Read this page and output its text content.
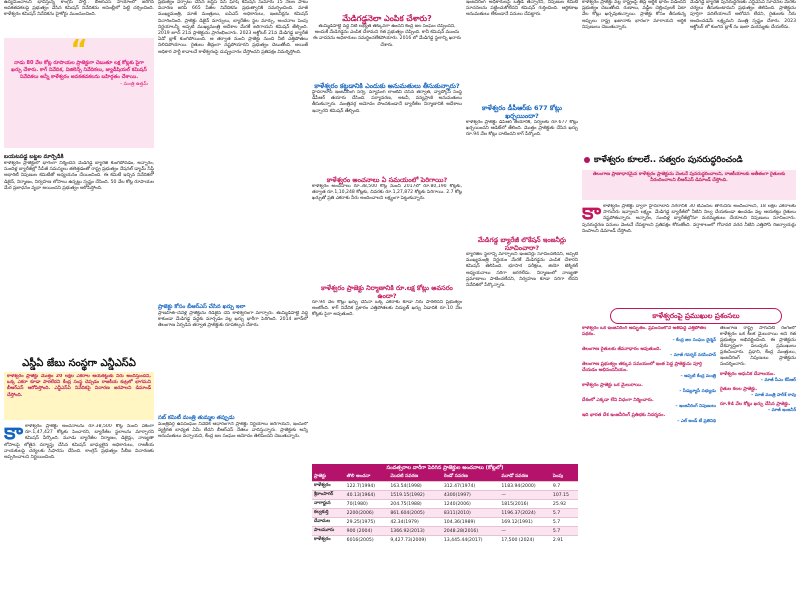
ఉద్యమించాలని భావిస్తున్న కాంగ్రెస్ పార్టీ.. బీఆర్ఎస్ హయాంలో జరిగిన అవకతవకలపై ప్రభుత్వం వేసిన కమిషన్ నివేదికను అసెంబ్లీలో పెట్టి చర్చించింది. కాళేశ్వరం కమిషన్ నివేదికను హైకోర్టు ముందుంచింది.
“
నాడు 80 వేల కోట్ల రూపాయల ప్రాజెక్టుగా చెబుతూ లక్ష కోట్లకు పైగా ఖర్చు చేశారు. కాగ్ నివేదిక, విజిలెన్స్ నివేదికలు, జ్యుడీషియల్ కమిషన్ నివేదికలు అన్నీ కాళేశ్వరం అవకతవకలను బహిర్గతం చేశాయి.
– మంత్రి ఉత్తమ్
బయటపడ్డ బట్టల మార్పిడికి
కాళేశ్వరం ప్రాజెక్టులో భాగంగా నిర్మించిన మేడిగడ్డ బ్యారేజీ కుంగిపోవడం, అన్నారం, సుందిళ్ల బ్యారేజీల్లో సీపేజీ సమస్యలు తలెత్తడంతో రాష్ట్ర ప్రభుత్వం నేషనల్ డ్యామ్ సేఫ్టీ అథారిటీ నిపుణుల కమిటీతో అధ్యయనం చేయించింది. ఈ కమిటీ ఇచ్చిన నివేదికలో డిజైన్, నిర్మాణం, నిర్వహణ లోపాలు ఉన్నట్టు స్పష్టం చేసింది. 50 వేల కోట్ల రూపాయల మేర ప్రజాధనం వృథా అయిందని ప్రభుత్వం ఆరోపిస్తోంది.
ఎస్డీఏ జేబు సంస్థగా ఎన్డీఎస్ఏ
కాళేశ్వరం ప్రాజెక్టు మొత్తం 20 లక్షల ఎకరాల ఆయకట్టుకు నీరు అందిస్తుందని, ఒక్క ఎకరా కూడా పారలేదని కేంద్ర సంస్థ చెప్పడం రాజకీయ కుట్రలో భాగమని బీఆర్ఎస్ ఆరోపిస్తోంది. ఎన్డీఎస్ఏ నివేదికపై విచారణ జరపాలని డిమాండ్ చేస్తోంది.
కాకాళేశ్వరం ప్రాజెక్టు అంచనాలను రూ.38,500 కోట్ల నుంచి ఏకంగా రూ.1,47,427 కోట్లకు పెంచారని, బ్యారేజీల స్థలాలను మార్చారని కమిషన్ పేర్కొంది. మూడు బ్యారేజీల నిర్మాణం, డిజైన్లు, నాణ్యతా లోపాలపై లోతైన దర్యాప్తు చేసిన కమిషన్ బాధ్యులైన అధికారులు, రాజకీయ నాయకులపై చర్యలకు సిఫారసు చేసింది. కాంగ్రెస్ ప్రభుత్వం సీబీఐ విచారణకు అప్పగించాలని నిర్ణయించింది.
ప్రభుత్వం ఏర్పాటు చేసిన జస్టిస్ పీసీ ఘోష్ కమిషన్ సుమారు 15 నెలల పాటు విచారణ జరిపి 665 పేజీల నివేదికను ప్రభుత్వానికి సమర్పించింది. మాజీ ముఖ్యమంత్రి, మాజీ మంత్రులు, ఐఏఎస్ అధికారులు, ఇంజనీర్లను కమిషన్ విచారించింది. ప్రాజెక్టు డిజైన్ మార్పులు, బ్యారేజీల స్థల మార్పు, అంచనాల పెంపు నిర్ణయాలన్నీ అప్పటి ముఖ్యమంత్రి ఆదేశాల మేరకే జరిగాయని కమిషన్ తేల్చింది. 2019 జూన్ 21న ప్రాజెక్టును ప్రారంభించారు. 2023 అక్టోబర్ 21న మేడిగడ్డ బ్యారేజీ ఏడో బ్లాక్ కుంగిపోయింది. ఆ తర్వాత నుంచి ప్రాజెక్టు నుంచి నీటి ఎత్తిపోతలు నిలిచిపోయాయి. రైతులు తీవ్రంగా నష్టపోయారని ప్రభుత్వం చెబుతోంది. అయితే అధికార పార్టీ కావాలనే కాళేశ్వరంపై దుష్ప్రచారం చేస్తోందని ప్రతిపక్షం విమర్శిస్తోంది.
ప్రాజెక్టు కోసం బీఆర్ఎస్ చేసిన ఖర్చు ఇలా
ప్రాణహిత–చేవెళ్ల ప్రాజెక్టును రీడిజైన్ చేసి కాళేశ్వరంగా మార్చారు. తుమ్మిడిహెట్టి వద్ద కాకుండా మేడిగడ్డ వద్దకు మార్చడం వల్ల ఖర్చు భారీగా పెరిగింది. 2014 జూన్‌లో తెలంగాణ ఏర్పడిన తర్వాత ప్రాజెక్టుకు రూపకల్పన చేశారు.
సబ్ కమిటీ మంత్రి తుమ్మల తప్పుడు
మంత్రివర్గ ఉపసంఘం నివేదిక ఆధారంగానే ప్రాజెక్టు నిర్ణయాలు జరిగాయని, ఇందులో వ్యక్తిగత బాధ్యత ఏమీ లేదని బీఆర్ఎస్ నేతలు వాదిస్తున్నారు. ప్రాజెక్టుకు అన్ని అనుమతులు వచ్చాయని, కేంద్ర జల సంఘం ఆమోదం తెలిపిందని చెబుతున్నారు.
మేడిగడ్డనెలా ఎంపిక చేశారు?
తుమ్మిడిహెట్టి వద్ద నీటి లభ్యత తక్కువగా ఉందని కేంద్ర జల సంఘం చెప్పిందని, అందుకే మేడిగడ్డను ఎంపిక చేశామని గత ప్రభుత్వం చెప్పింది. కానీ కమిషన్ ముందు ఈ వాదనను అధికారులు సమర్థించలేకపోయారు. 2016 లో మేడిగడ్డ స్థలాన్ని ఖరారు చేశారు.
కాళేశ్వరం కట్టడానికి ఎందుకు అనుమతులు తీసుకున్నారు?
హైదరాబాద్ ఇంజనీరింగ్ సర్వే, మ్యాపింగ్ లాంటివి చేసిన తర్వాత, వ్యాప్కోస్ సంస్థ డీపీఆర్ తయారు చేసింది. పర్యావరణ, అటవీ, వన్యప్రాణి అనుమతులు తీసుకున్నారు. మంత్రివర్గ ఆమోదం పొందకుండానే బ్యారేజీల నిర్మాణానికి ఆదేశాలు ఇచ్చారని కమిషన్ తేల్చింది.
కాళేశ్వరం అంచనాలు ఏ సమయంలో పెరిగాయి?
కాళేశ్వరం అంచనాలు రూ.38,500 కోట్ల నుంచి 2017లో రూ.80,190 కోట్లకు, తర్వాత రూ.1,10,248 కోట్లకు, చివరకు రూ.1,27,872 కోట్లకు పెరిగాయి. 2.7 కోట్ల ఖర్చుతో ప్రతి ఎకరాకు నీరు అందించాలని లక్ష్యంగా పెట్టుకున్నారు.
కాళేశ్వరం ప్రాజెక్టు నిర్మాణానికి రూ.లక్ష కోట్లు అవసరం ఉందా?
రూ.94 వేల కోట్లు ఖర్చు చేసినా ఒక్క ఎకరాకు కూడా నీరు పారలేదని ప్రభుత్వం అంటోంది. కాగ్ నివేదిక ప్రకారం ఎత్తిపోతలకు విద్యుత్ ఖర్చు ఏడాదికి రూ.10 వేల కోట్లకు పైగా అవుతుంది.
ఇంజనీరింగ్ అధికారులపై ఒత్తిడి తెచ్చారని, నిపుణుల కమిటీ సూచనలను పట్టించుకోలేదని కమిషన్ గుర్తించింది. ఆర్థికశాఖ అనుమతులు లేకుండానే పనులు చేపట్టారు.
కాళేశ్వరం డీపీఆర్‌కు 677 కోట్లు ఖర్చయిందా?
కాళేశ్వరం ప్రాజెక్టు డీపీఆర్ తయారీకి, సర్వేలకు రూ.677 కోట్లు ఖర్చయిందని ఆడిట్‌లో తేలింది. మొత్తం ప్రాజెక్టుకు చేసిన ఖర్చు రూ.94 వేల కోట్లు దాటిందని కాగ్ పేర్కొంది.
మేడిగడ్డ బ్యారేజీ లొకేషన్ ఇంజనీర్లు సూచించారా?
బ్యారేజీల స్థలాన్ని మార్చాలని ఇంజనీర్లు సూచించలేదని, అప్పటి ముఖ్యమంత్రి నిర్ణయం మేరకే మేడిగడ్డను ఎంపిక చేశారని కమిషన్ తెలిపింది. భూసార పరీక్షలు, జియో టెక్నికల్ అధ్యయనాలు సరిగా జరగలేదు. నిర్మాణంలో నాణ్యతా ప్రమాణాలు పాటించలేదని, నిర్వహణ కూడా సరిగా లేదని నివేదికలో పేర్కొన్నారు.
సంవత్సరాల వారీగా పెరిగిన ప్రాజెక్టుల అంచనాలు (కోట్లలో)
ప్రాజెక్టు	తొలి అంచనా	మొదటి సవరణ	రెండో సవరణ	మూడో సవరణ	పెంపు
కాళేశ్వరం	122.7(1994)	163.54(1998)	312.47(1974)	1183.94(2000)	9.7
శ్రీరాంసాగర్	40.13(1964)	1519.15(1992)	4300(1997)	—	107.15
నాగార్జున	70(1980)	204.75(1988)	1240(2006)	1815(2016)	25.92
కల్వకుర్తి	2200(2006)	861.604(2005)	8311(2010)	1196.37(2024)	5.7
దేవాదుల	29.25(1975)	42.34(1979)	104.36(1989)	169.12(1991)	5.7
పాలమూరు	900 (2004)	1366.92(2013)	2048.28(2016)	—	5.7
కాళేశ్వరం	6016(2005)	9,427.73(2009)	13,445.44(2017)	17,500 (2024)	2.91
కాళేశ్వరం ప్రాజెక్టు వల్ల రాష్ట్రంపై తీవ్ర ఆర్థిక భారం పడిందని ప్రభుత్వం చెబుతోంది. రుణాలు, వడ్డీల చెల్లింపులకే ఏటా వేల కోట్లు ఖర్చవుతున్నాయి. ప్రాజెక్టు కోసం తీసుకున్న అప్పులు రాష్ట్ర ఖజానాకు భారంగా మారాయని ఆర్థిక నిపుణులు చెబుతున్నారు.
మేడిగడ్డ బ్యారేజీ పునరుద్ధరణకు ఎన్డీఎస్ఏ సూచనల మేరకు చర్యలు తీసుకుంటామని ప్రభుత్వం తెలిపింది. ప్రాజెక్టును పూర్తిగా వదిలేయాలనే ఆలోచన లేదని, రైతులకు నీరు అందించడమే లక్ష్యమని మంత్రి స్పష్టం చేశారు. 2023 అక్టోబర్ లో కుంగిన బ్లాక్ ను ఇంకా మరమ్మతు చేయలేదు.
కాళేశ్వరం కూలలే.. సత్వరం పునరుద్ధరించండి
తెలంగాణ ప్రాణాధారమైన కాళేశ్వరం ప్రాజెక్టును వెంటనే పునరుద్ధరించాలని, రాజకీయాలకు అతీతంగా రైతులకు నీరందించాలని బీఆర్ఎస్ డిమాండ్ చేస్తోంది.
కాకాళేశ్వరం ప్రాజెక్టు ద్వారా హైదరాబాద్ నగరానికి 30 టీఎంసీల తాగునీరు అందించాలని, 18 లక్షల ఎకరాలకు సాగునీరు ఇవ్వాలని లక్ష్యం. మేడిగడ్డ బ్యారేజీలో నీటిని నిల్వ చేయకుండా ఉంచడం వల్ల ఆయకట్టు రైతులు నష్టపోతున్నారు. అన్నారం, సుందిళ్ల బ్యారేజీల్లోనూ మరమ్మతులు చేయాలని నిపుణులు సూచించారు. పునరుద్ధరణ పనులు వెంటనే చేపట్టాలని ప్రతిపక్షం కోరుతోంది. వర్షాకాలంలో గోదావరి వరద నీటిని ఎత్తిపోసి రిజర్వాయర్లు నింపాలని డిమాండ్ చేస్తోంది.
కాళేశ్వరంపై ప్రముఖుల ప్రశంసలు
కాళేశ్వరం ఒక ఇంజనీరింగ్ అద్భుతం. ప్రపంచంలోనే అతిపెద్ద ఎత్తిపోతల పథకం.
– కేంద్ర జల సంఘం ఛైర్మన్
తెలంగాణ రైతులకు జీవనాధారం అవుతుంది.
– మాజీ గవర్నర్ నరసింహన్
తెలంగాణ ప్రభుత్వం తక్కువ సమయంలో ఇంత పెద్ద ప్రాజెక్టును పూర్తి చేయడం అభినందనీయం.
– అప్పటి కేంద్ర మంత్రి
కాళేశ్వరం ప్రాజెక్టు ఒక మైలురాయి.
– సీడబ్ల్యూసీ సభ్యుడు
దేశంలో ఎక్కడా లేని విధంగా నిర్మించారు.
– ఇంజనీరింగ్ నిపుణులు
ఇది భారత దేశ ఇంజనీరింగ్ ప్రతిభకు నిదర్శనం.
– ఎల్ అండ్ టీ ప్రతినిధి
తెలంగాణ రాష్ట్ర సాగునీటి రంగంలో కాళేశ్వరం ఒక కీలక మైలురాయి అని గత ప్రభుత్వం అభివర్ణించింది. ఈ ప్రాజెక్టును దేశవ్యాప్తంగా పలువురు ప్రముఖులు ప్రశంసించారు. ప్రధాని, కేంద్ర మంత్రులు, ఇంజనీరింగ్ నిపుణులు ప్రాజెక్టును సందర్శించారు.
కాళేశ్వరం ఆధునిక దేవాలయం.
– మాజీ సీఎం కేసీఆర్
రైతుల కలల ప్రాజెక్టు.
– మాజీ మంత్రి హరీశ్ రావు
రూ.94 వేల కోట్లు ఖర్చు చేసిన ప్రాజెక్టు.
– మాజీ ఇంజనీర్
